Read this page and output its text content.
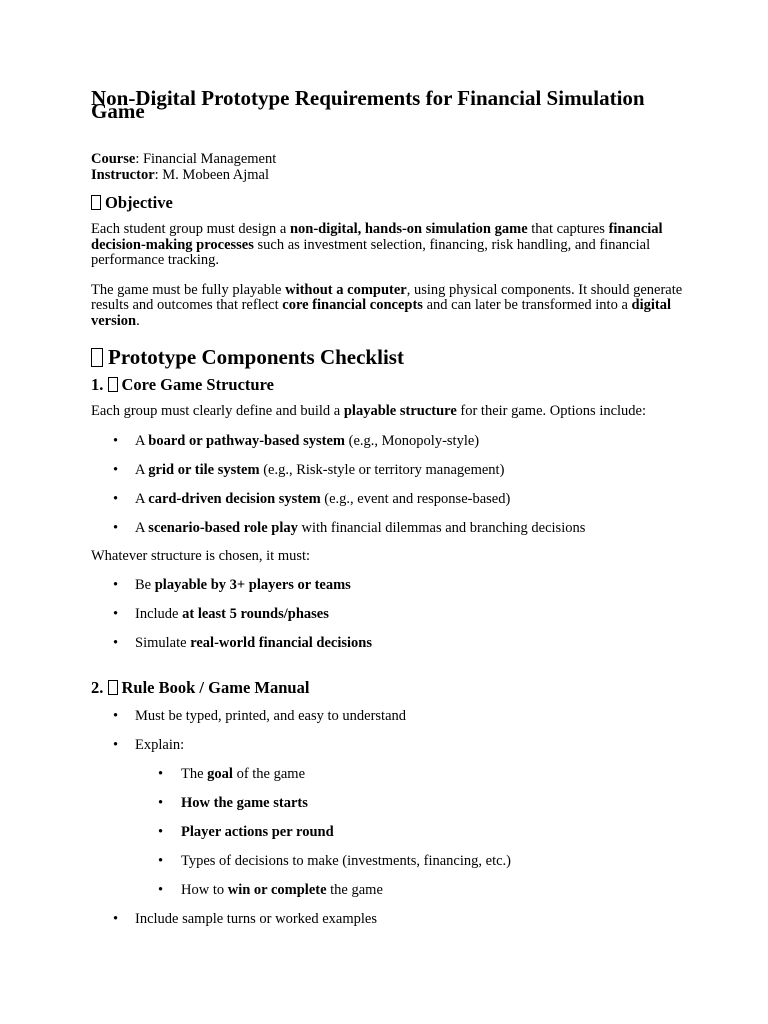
Non-Digital Prototype Requirements for Financial Simulation Game
Course: Financial Management
Instructor: M. Mobeen Ajmal
Objective

Each student group must design a non-digital, hands-on simulation game that captures financial decision-making processes such as investment selection, financing, risk handling, and financial performance tracking.

The game must be fully playable without a computer, using physical components. It should generate results and outcomes that reflect core financial concepts and can later be transformed into a digital version.

Prototype Components Checklist
1. Core Game Structure

Each group must clearly define and build a playable structure for their game. Options include:

•	A board or pathway-based system (e.g., Monopoly-style)
•	A grid or tile system (e.g., Risk-style or territory management)
•	A card-driven decision system (e.g., event and response-based)
•	A scenario-based role play with financial dilemmas and branching decisions

Whatever structure is chosen, it must:

•	Be playable by 3+ players or teams
•	Include at least 5 rounds/phases
•	Simulate real-world financial decisions
2. Rule Book / Game Manual
•	Must be typed, printed, and easy to understand
•	Explain:
•	The goal of the game
•	How the game starts
•	Player actions per round
•	Types of decisions to make (investments, financing, etc.)
•	How to win or complete the game
•	Include sample turns or worked examples
